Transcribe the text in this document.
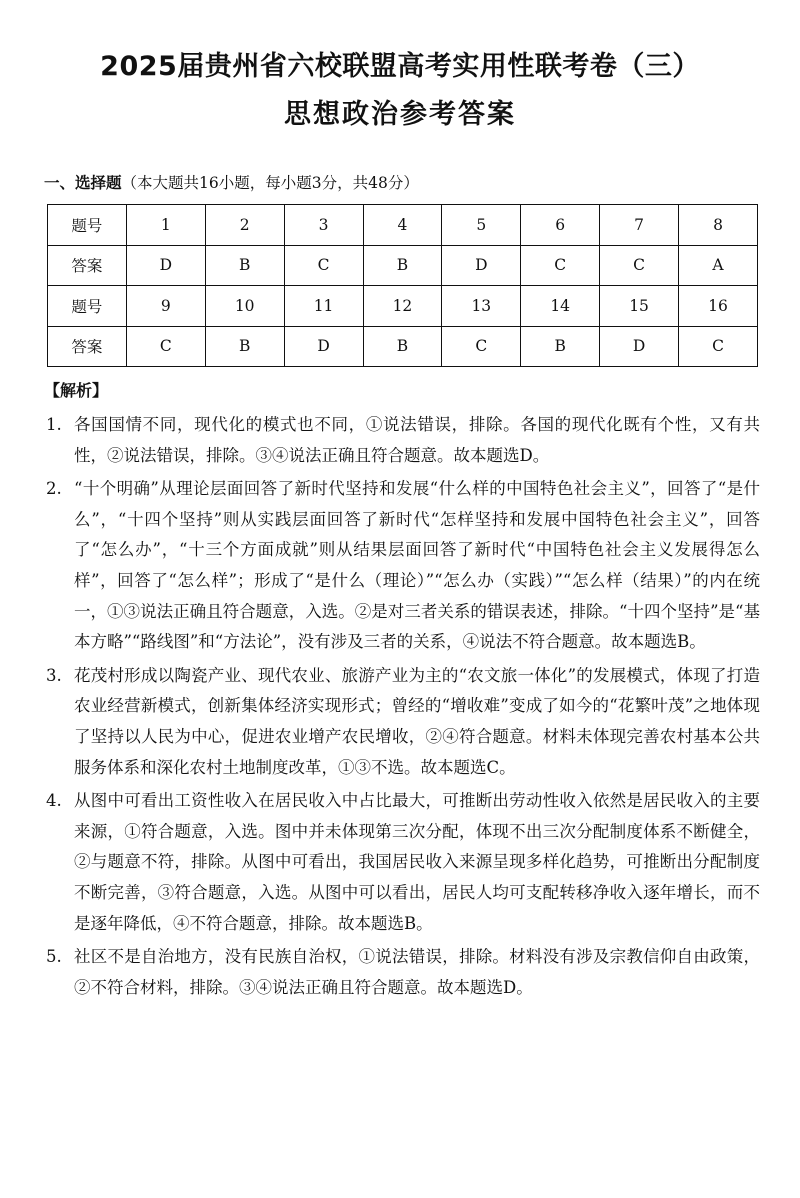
2025届贵州省六校联盟高考实用性联考卷（三）
思想政治参考答案
一、选择题（本大题共16小题，每小题3分，共48分）
题号	1	2	3	4	5	6	7	8
答案	D	B	C	B	D	C	C	A
题号	9	10	11	12	13	14	15	16
答案	C	B	D	B	C	B	D	C
【解析】
1. 各国国情不同，现代化的模式也不同，①说法错误，排除。各国的现代化既有个性，又有共性，②说法错误，排除。③④说法正确且符合题意。故本题选D。
2. “十个明确”从理论层面回答了新时代坚持和发展“什么样的中国特色社会主义”，回答了“是什么”，“十四个坚持”则从实践层面回答了新时代“怎样坚持和发展中国特色社会主义”，回答了“怎么办”，“十三个方面成就”则从结果层面回答了新时代“中国特色社会主义发展得怎么样”，回答了“怎么样”；形成了“是什么（理论）”“怎么办（实践）”“怎么样（结果）”的内在统一，①③说法正确且符合题意，入选。②是对三者关系的错误表述，排除。“十四个坚持”是“基本方略”“路线图”和“方法论”，没有涉及三者的关系，④说法不符合题意。故本题选B。
3. 花茂村形成以陶瓷产业、现代农业、旅游产业为主的“农文旅一体化”的发展模式，体现了打造农业经营新模式，创新集体经济实现形式；曾经的“增收难”变成了如今的“花繁叶茂”之地体现了坚持以人民为中心，促进农业增产农民增收，②④符合题意。材料未体现完善农村基本公共服务体系和深化农村土地制度改革，①③不选。故本题选C。
4. 从图中可看出工资性收入在居民收入中占比最大，可推断出劳动性收入依然是居民收入的主要来源，①符合题意，入选。图中并未体现第三次分配，体现不出三次分配制度体系不断健全，②与题意不符，排除。从图中可看出，我国居民收入来源呈现多样化趋势，可推断出分配制度不断完善，③符合题意，入选。从图中可以看出，居民人均可支配转移净收入逐年增长，而不是逐年降低，④不符合题意，排除。故本题选B。
5. 社区不是自治地方，没有民族自治权，①说法错误，排除。材料没有涉及宗教信仰自由政策，②不符合材料，排除。③④说法正确且符合题意。故本题选D。
